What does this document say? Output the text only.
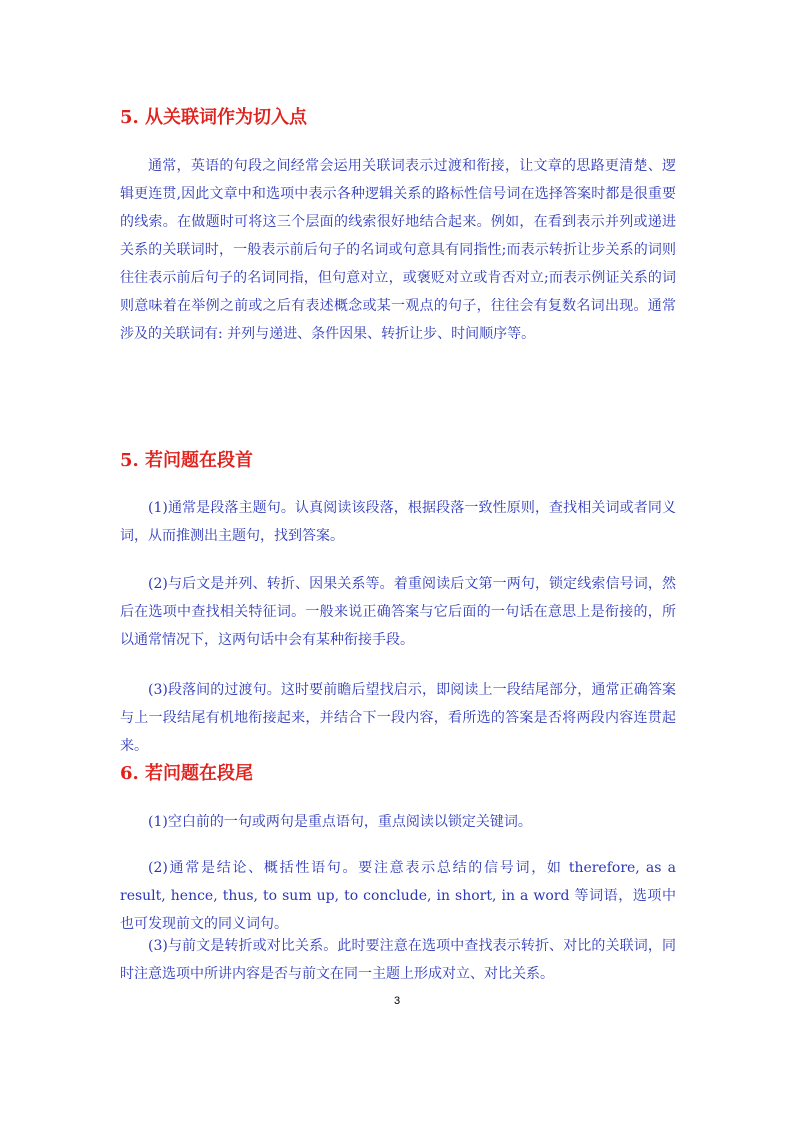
5. 从关联词作为切入点

通常，英语的句段之间经常会运用关联词表示过渡和衔接，让文章的思路更清楚、逻辑更连贯,因此文章中和选项中表示各种逻辑关系的路标性信号词在选择答案时都是很重要的线索。在做题时可将这三个层面的线索很好地结合起来。例如，在看到表示并列或递进关系的关联词时，一般表示前后句子的名词或句意具有同指性;而表示转折让步关系的词则往往表示前后句子的名词同指，但句意对立，或褒贬对立或肯否对立;而表示例证关系的词则意味着在举例之前或之后有表述概念或某一观点的句子，往往会有复数名词出现。通常涉及的关联词有: 并列与递进、条件因果、转折让步、时间顺序等。

5. 若问题在段首

(1)通常是段落主题句。认真阅读该段落，根据段落一致性原则，查找相关词或者同义词，从而推测出主题句，找到答案。

(2)与后文是并列、转折、因果关系等。着重阅读后文第一两句，锁定线索信号词，然后在选项中查找相关特征词。一般来说正确答案与它后面的一句话在意思上是衔接的，所以通常情况下，这两句话中会有某种衔接手段。

(3)段落间的过渡句。这时要前瞻后望找启示，即阅读上一段结尾部分，通常正确答案与上一段结尾有机地衔接起来，并结合下一段内容，看所选的答案是否将两段内容连贯起来。

6. 若问题在段尾

(1)空白前的一句或两句是重点语句，重点阅读以锁定关键词。

(2)通常是结论、概括性语句。要注意表示总结的信号词，如 therefore, as a result, hence, thus, to sum up, to conclude, in short, in a word 等词语，选项中也可发现前文的同义词句。

(3)与前文是转折或对比关系。此时要注意在选项中查找表示转折、对比的关联词，同时注意选项中所讲内容是否与前文在同一主题上形成对立、对比关系。

3
